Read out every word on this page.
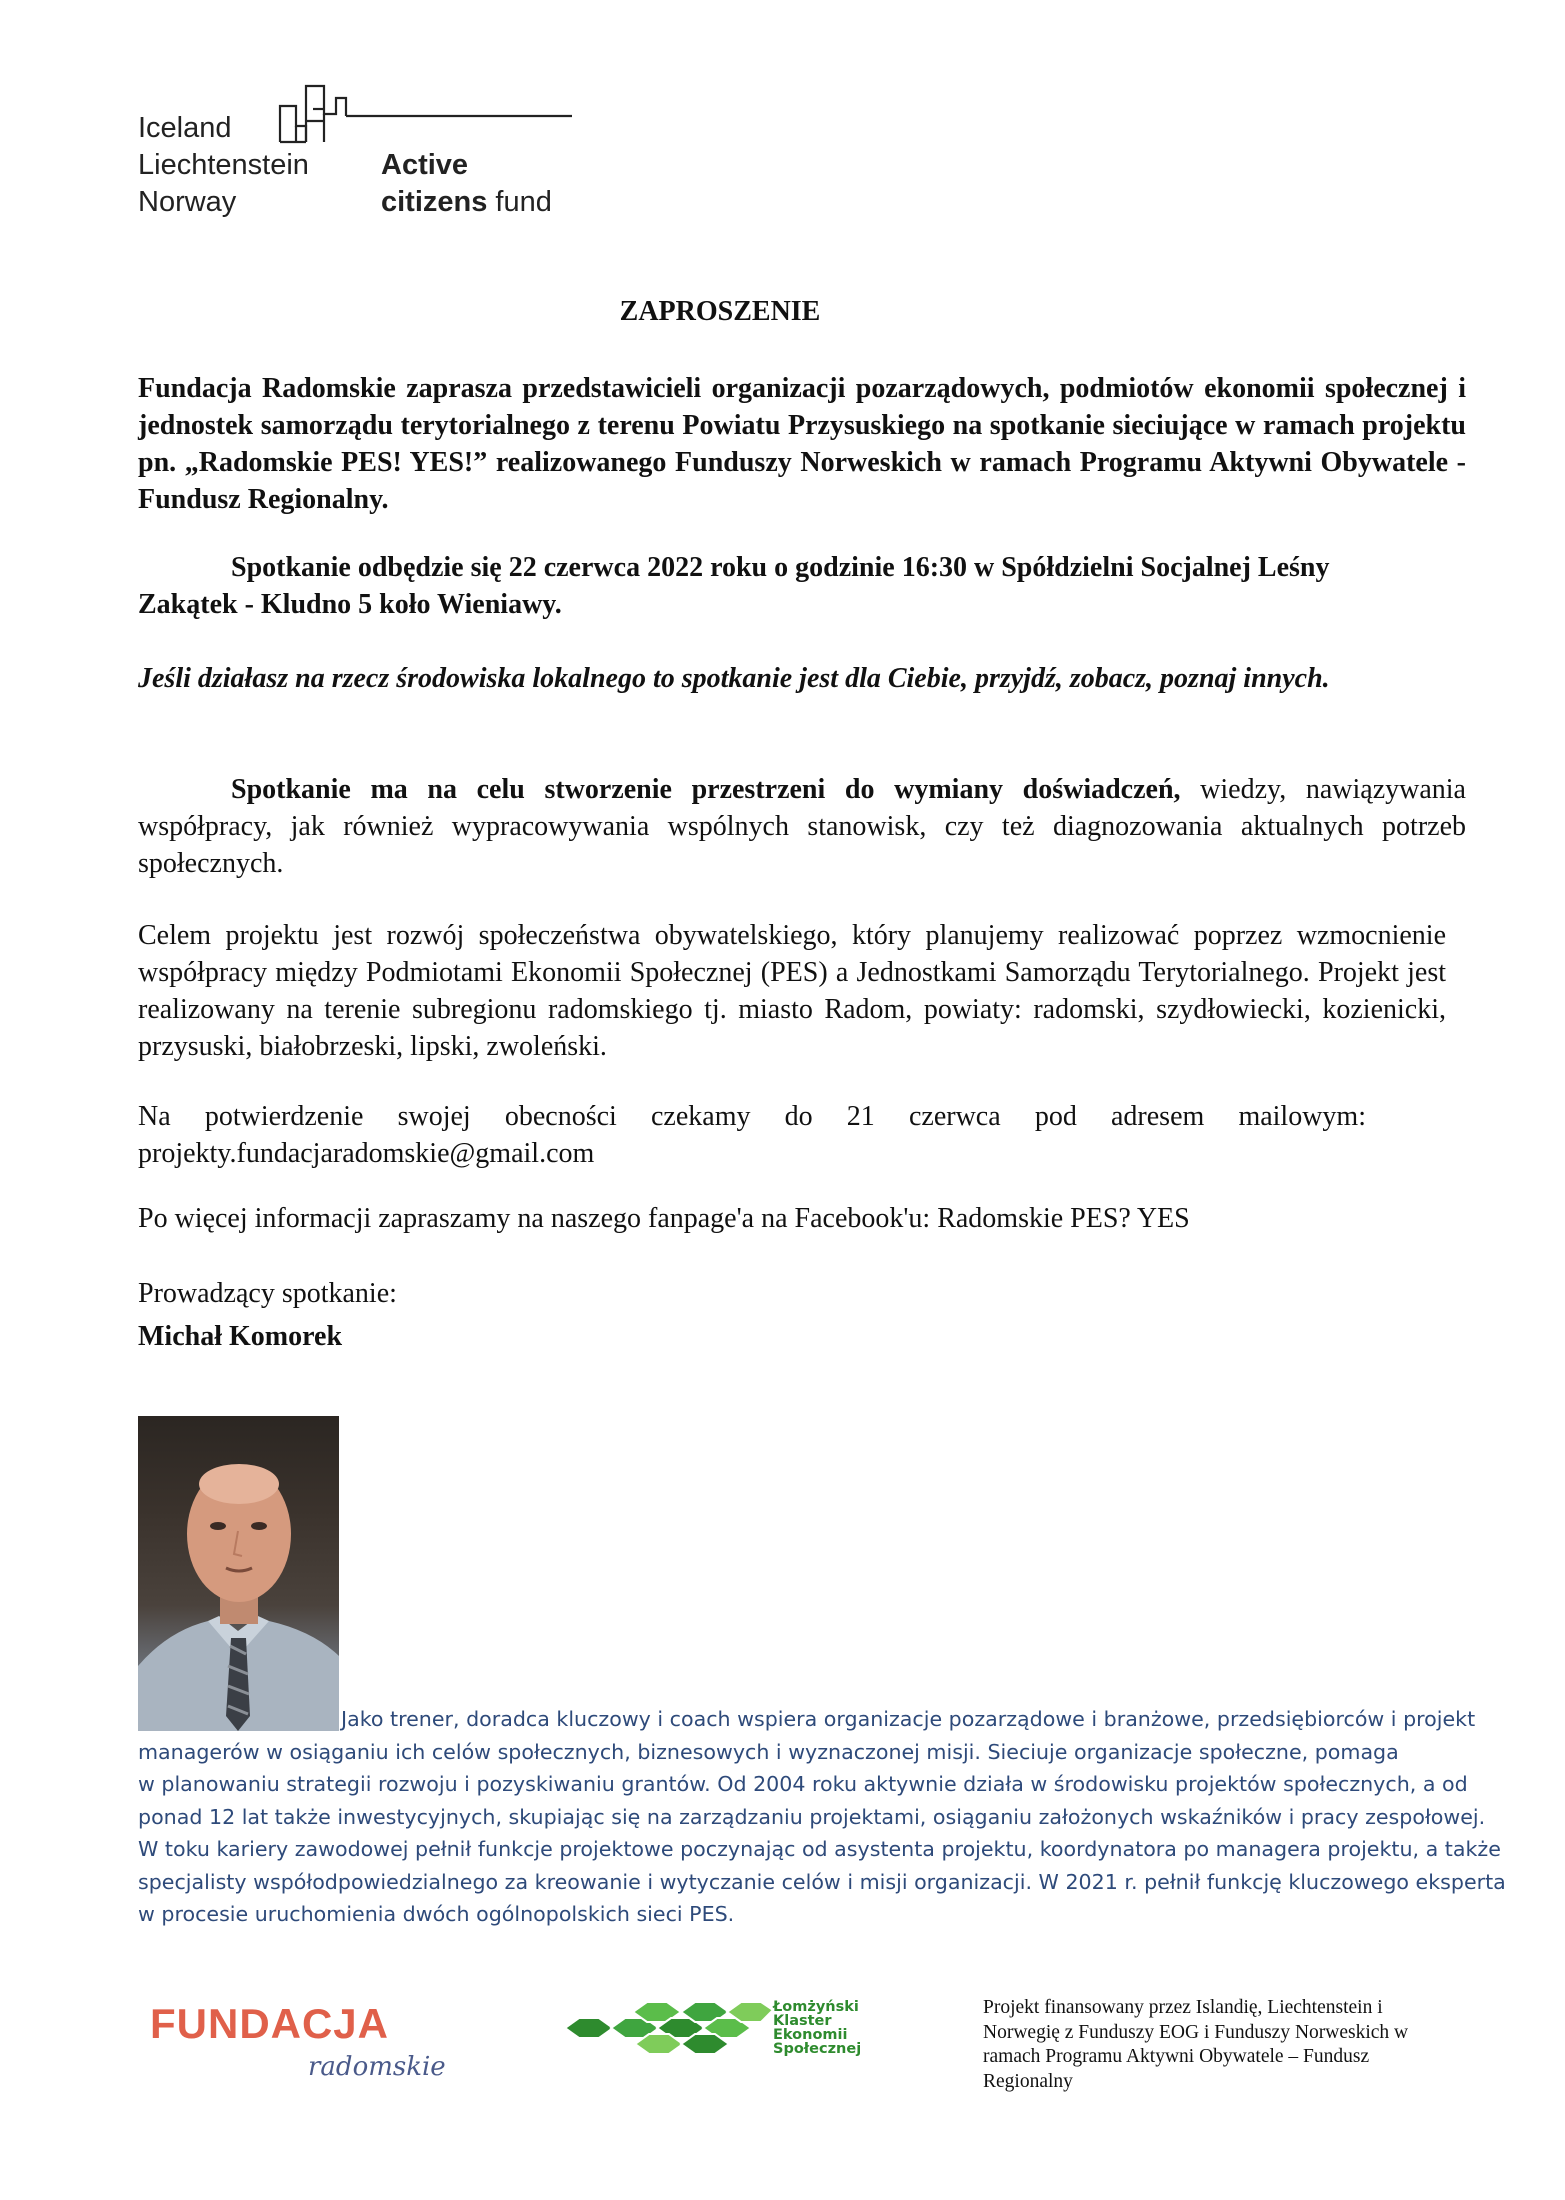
Iceland
Liechtenstein
Norway
Active
citizens fund
ZAPROSZENIE
Fundacja Radomskie zaprasza przedstawicieli organizacji pozarządowych, podmiotów ekonomii społecznej i jednostek samorządu terytorialnego z terenu Powiatu Przysuskiego na spotkanie sieciujące w ramach projektu pn. „Radomskie PES! YES!” realizowanego Funduszy Norweskich w ramach Programu Aktywni Obywatele - Fundusz Regionalny.
Spotkanie odbędzie się 22 czerwca 2022 roku o godzinie 16:30 w Spółdzielni Socjalnej Leśny Zakątek - Kludno 5 koło Wieniawy.
Jeśli działasz na rzecz środowiska lokalnego to spotkanie jest dla Ciebie, przyjdź, zobacz, poznaj innych.
Spotkanie ma na celu stworzenie przestrzeni do wymiany doświadczeń, wiedzy, nawiązywania współpracy, jak również wypracowywania wspólnych stanowisk, czy też diagnozowania aktualnych potrzeb społecznych.
Celem projektu jest rozwój społeczeństwa obywatelskiego, który planujemy realizować poprzez wzmocnienie współpracy między Podmiotami Ekonomii Społecznej (PES) a Jednostkami Samorządu Terytorialnego. Projekt jest realizowany na terenie subregionu radomskiego tj. miasto Radom, powiaty: radomski, szydłowiecki, kozienicki, przysuski, białobrzeski, lipski, zwoleński.
Na potwierdzenie swojej obecności czekamy do 21 czerwca pod adresem mailowym:
projekty.fundacjaradomskie@gmail.com
Po więcej informacji zapraszamy na naszego fanpage'a na Facebook'u: Radomskie PES? YES
Prowadzący spotkanie:
Michał Komorek
Jako trener, doradca kluczowy i coach wspiera organizacje pozarządowe i branżowe, przedsiębiorców i projekt
managerów w osiąganiu ich celów społecznych, biznesowych i wyznaczonej misji. Sieciuje organizacje społeczne, pomaga
w planowaniu strategii rozwoju i pozyskiwaniu grantów. Od 2004 roku aktywnie działa w środowisku projektów społecznych, a od
ponad 12 lat także inwestycyjnych, skupiając się na zarządzaniu projektami, osiąganiu założonych wskaźników i pracy zespołowej.
W toku kariery zawodowej pełnił funkcje projektowe poczynając od asystenta projektu, koordynatora po managera projektu, a także
specjalisty współodpowiedzialnego za kreowanie i wytyczanie celów i misji organizacji. W 2021 r. pełnił funkcję kluczowego eksperta
w procesie uruchomienia dwóch ogólnopolskich sieci PES.
FUNDACJA
radomskie
Łomżyński
Klaster
Ekonomii
Społecznej
Projekt finansowany przez Islandię, Liechtenstein i
Norwegię z Funduszy EOG i Funduszy Norweskich w
ramach Programu Aktywni Obywatele – Fundusz
Regionalny
